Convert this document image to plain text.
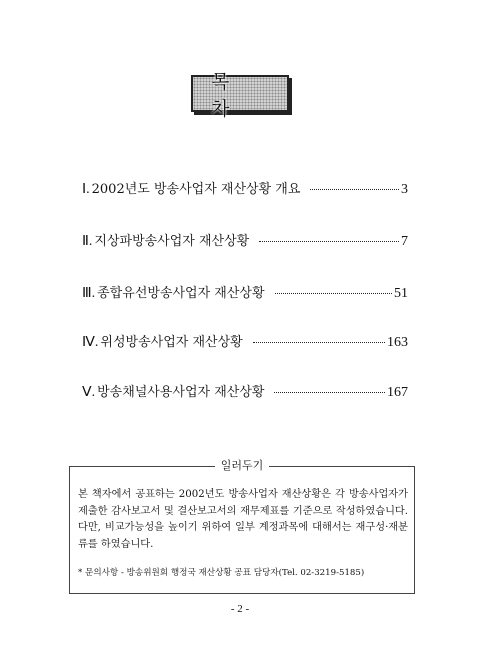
목 차
Ⅰ. 2002년도 방송사업자 재산상황 개요	3
Ⅱ. 지상파방송사업자 재산상황	7
Ⅲ. 종합유선방송사업자 재산상황	51
Ⅳ. 위성방송사업자 재산상황	163
Ⅴ. 방송채널사용사업자 재산상황	167
일러두기
본 책자에서 공표하는 2002년도 방송사업자 재산상황은 각 방송사업자가 제출한 감사보고서 및 결산보고서의 재무제표를 기준으로 작성하였습니다. 다만, 비교가능성을 높이기 위하여 일부 계정과목에 대해서는 재구성·재분류를 하였습니다.
* 문의사항 - 방송위원회 행정국 재산상황 공표 담당자(Tel. 02-3219-5185)
- 2 -
